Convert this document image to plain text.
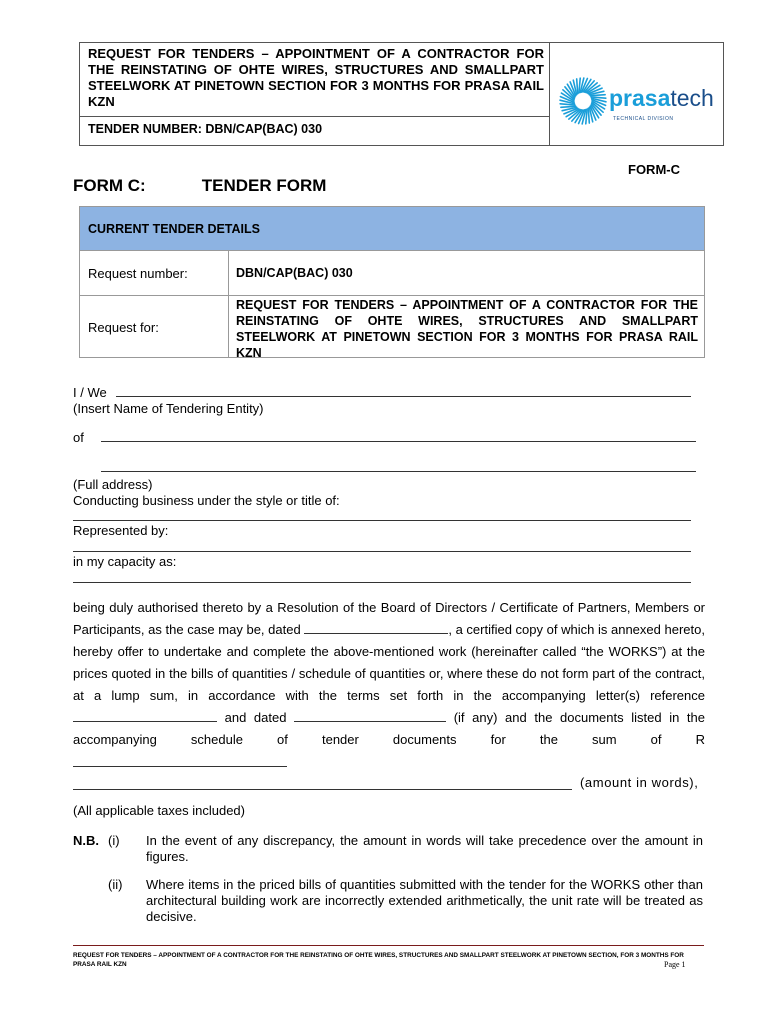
REQUEST FOR TENDERS – APPOINTMENT OF A CONTRACTOR FOR THE REINSTATING OF OHTE WIRES, STRUCTURES AND SMALLPART STEELWORK AT PINETOWN SECTION FOR 3 MONTHS FOR PRASA RAIL KZN
TENDER NUMBER: DBN/CAP(BAC) 030
prasatech
TECHNICAL DIVISION
FORM-C
FORM C:	TENDER FORM
CURRENT TENDER DETAILS
Request number:	DBN/CAP(BAC) 030
Request for:
REQUEST FOR TENDERS – APPOINTMENT OF A CONTRACTOR FOR THE REINSTATING OF OHTE WIRES, STRUCTURES AND SMALLPART STEELWORK AT PINETOWN SECTION FOR 3 MONTHS FOR PRASA RAIL KZN
I / We
(Insert Name of Tendering Entity)
of
(Full address)
Conducting business under the style or title of:
Represented by:
in my capacity as:
being duly authorised thereto by a Resolution of the Board of Directors / Certificate of Partners, Members or Participants, as the case may be, dated	, a certified copy of which is annexed hereto, hereby offer to undertake and complete the above-mentioned work (hereinafter called “the WORKS”) at the prices quoted in the bills of quantities / schedule of quantities or, where these do not form part of the contract, at a lump sum, in accordance with the terms set forth in the accompanying letter(s) reference  and dated	(if any) and the documents listed in the accompanying schedule of tender documents for the sum of R
(amount in words),
(All applicable taxes included)
N.B. (i) In the event of any discrepancy, the amount in words will take precedence over the amount in figures.
(ii) Where items in the priced bills of quantities submitted with the tender for the WORKS other than architectural building work are incorrectly extended arithmetically, the unit rate will be treated as decisive.
REQUEST FOR TENDERS – APPOINTMENT OF A CONTRACTOR FOR THE REINSTATING OF OHTE WIRES, STRUCTURES AND SMALLPART STEELWORK AT PINETOWN SECTION, FOR 3 MONTHS FOR PRASA RAIL KZN	Page 1
